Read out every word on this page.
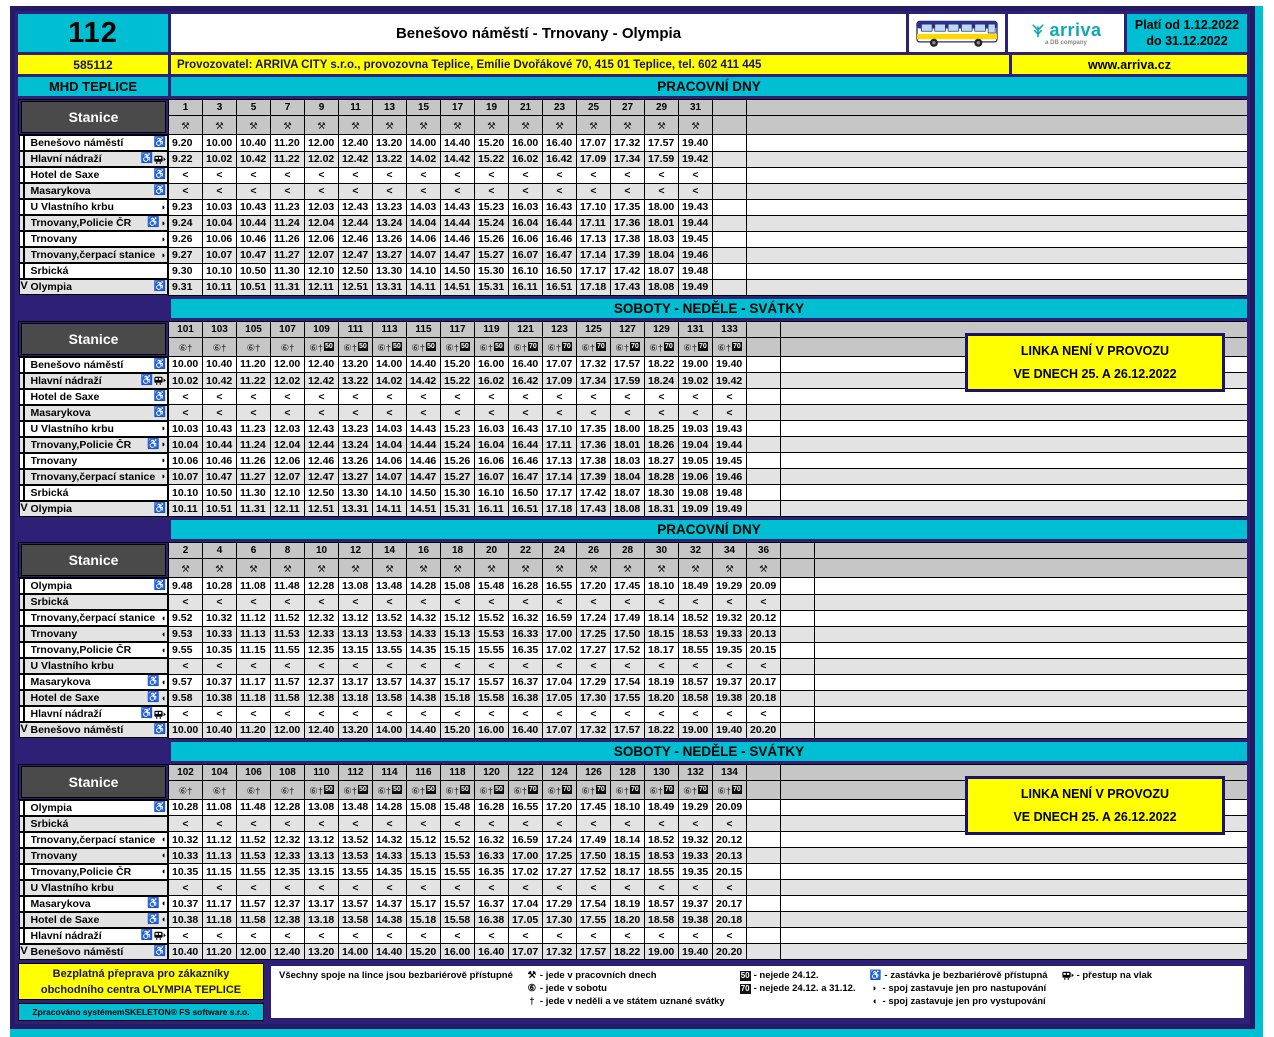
112	Benešovo náměstí - Trnovany - Olympia	arriva
a DB company
Platí od 1.12.2022
do 31.12.2022
585112	Provozovatel: ARRIVA CITY s.r.o., provozovna Teplice, Emílie Dvořákové 70, 415 01 Teplice, tel. 602 411 445	www.arriva.cz
MHD TEPLICE	PRACOVNÍ DNY
Stanice	1	3	5	7	9	11	13	15	17	19	21	23	25	27	29	31		
	⚒	⚒	⚒	⚒	⚒	⚒	⚒	⚒	⚒	⚒	⚒	⚒	⚒	⚒	⚒	⚒		

Benešovo náměstí	♿ 9.20	10.00	10.40	11.20	12.00	12.40	13.20	14.00	14.40	15.20	16.00	16.40	17.07	17.32	17.57	19.40		

Hlavní nádraží	♿ 9.22	10.02	10.42	11.22	12.02	12.42	13.22	14.02	14.42	15.22	16.02	16.42	17.09	17.34	17.59	19.42		

Hotel de Saxe	♿ <	<	<	<	<	<	<	<	<	<	<	<	<	<	<	<		

Masarykova	♿ <	<	<	<	<	<	<	<	<	<	<	<	<	<	<	<		

U Vlastního krbu	◗ 9.23	10.03	10.43	11.23	12.03	12.43	13.23	14.03	14.43	15.23	16.03	16.43	17.10	17.35	18.00	19.43		

Trnovany,Policie ČR	♿ ◗ 9.24	10.04	10.44	11.24	12.04	12.44	13.24	14.04	14.44	15.24	16.04	16.44	17.11	17.36	18.01	19.44		

Trnovany	◗ 9.26	10.06	10.46	11.26	12.06	12.46	13.26	14.06	14.46	15.26	16.06	16.46	17.13	17.38	18.03	19.45		

Trnovany,čerpací stanice ◗ 9.27	10.07	10.47	11.27	12.07	12.47	13.27	14.07	14.47	15.27	16.07	16.47	17.14	17.39	18.04	19.46		

Srbická	9.30	10.10	10.50	11.30	12.10	12.50	13.30	14.10	14.50	15.30	16.10	16.50	17.17	17.42	18.07	19.48		

V Olympia	♿ 9.31	10.11	10.51	11.31	12.11	12.51	13.31	14.11	14.51	15.31	16.11	16.51	17.18	17.43	18.08	19.49		
SOBOTY - NEDĚLE - SVÁTKY
Stanice	101	103	105	107	109	111	113	115	117	119	121	123	125	127	129	131	133		
	⑥†	⑥†	⑥†	⑥†	⑥† 50	⑥† 50	⑥† 50	⑥† 50	⑥† 50	⑥† 50	⑥† 70	⑥† 70	⑥† 70	⑥† 70	⑥† 70	⑥† 70	⑥† 70		

Benešovo náměstí	♿ 10.00	10.40	11.20	12.00	12.40	13.20	14.00	14.40	15.20	16.00	16.40	17.07	17.32	17.57	18.22	19.00	19.40		

Hlavní nádraží	♿ 10.02	10.42	11.22	12.02	12.42	13.22	14.02	14.42	15.22	16.02	16.42	17.09	17.34	17.59	18.24	19.02	19.42		

Hotel de Saxe	♿ <	<	<	<	<	<	<	<	<	<	<	<	<	<	<	<	<		

Masarykova	♿ <	<	<	<	<	<	<	<	<	<	<	<	<	<	<	<	<		

U Vlastního krbu	◗ 10.03	10.43	11.23	12.03	12.43	13.23	14.03	14.43	15.23	16.03	16.43	17.10	17.35	18.00	18.25	19.03	19.43		

Trnovany,Policie ČR	♿ ◗ 10.04	10.44	11.24	12.04	12.44	13.24	14.04	14.44	15.24	16.04	16.44	17.11	17.36	18.01	18.26	19.04	19.44		

Trnovany	◗ 10.06	10.46	11.26	12.06	12.46	13.26	14.06	14.46	15.26	16.06	16.46	17.13	17.38	18.03	18.27	19.05	19.45		

Trnovany,čerpací stanice ◗ 10.07	10.47	11.27	12.07	12.47	13.27	14.07	14.47	15.27	16.07	16.47	17.14	17.39	18.04	18.28	19.06	19.46		

Srbická	10.10	10.50	11.30	12.10	12.50	13.30	14.10	14.50	15.30	16.10	16.50	17.17	17.42	18.07	18.30	19.08	19.48		

V Olympia	♿ 10.11	10.51	11.31	12.11	12.51	13.31	14.11	14.51	15.31	16.11	16.51	17.18	17.43	18.08	18.31	19.09	19.49		
LINKA NENÍ V PROVOZU
VE DNECH 25. A 26.12.2022
PRACOVNÍ DNY
Stanice	2	4	6	8	10	12	14	16	18	20	22	24	26	28	30	32	34	36		
	⚒	⚒	⚒	⚒	⚒	⚒	⚒	⚒	⚒	⚒	⚒	⚒	⚒	⚒	⚒	⚒	⚒	⚒		

Olympia	♿ 9.48	10.28	11.08	11.48	12.28	13.08	13.48	14.28	15.08	15.48	16.28	16.55	17.20	17.45	18.10	18.49	19.29	20.09		

Srbická	<	<	<	<	<	<	<	<	<	<	<	<	<	<	<	<	<	<		

Trnovany,čerpací stanice ◖ 9.52	10.32	11.12	11.52	12.32	13.12	13.52	14.32	15.12	15.52	16.32	16.59	17.24	17.49	18.14	18.52	19.32	20.12		

Trnovany	◖ 9.53	10.33	11.13	11.53	12.33	13.13	13.53	14.33	15.13	15.53	16.33	17.00	17.25	17.50	18.15	18.53	19.33	20.13		

Trnovany,Policie ČR	◖ 9.55	10.35	11.15	11.55	12.35	13.15	13.55	14.35	15.15	15.55	16.35	17.02	17.27	17.52	18.17	18.55	19.35	20.15		

U Vlastního krbu	<	<	<	<	<	<	<	<	<	<	<	<	<	<	<	<	<	<		

Masarykova	♿ ◖ 9.57	10.37	11.17	11.57	12.37	13.17	13.57	14.37	15.17	15.57	16.37	17.04	17.29	17.54	18.19	18.57	19.37	20.17		

Hotel de Saxe	♿ ◖ 9.58	10.38	11.18	11.58	12.38	13.18	13.58	14.38	15.18	15.58	16.38	17.05	17.30	17.55	18.20	18.58	19.38	20.18		

Hlavní nádraží	♿	<	<	<	<	<	<	<	<	<	<	<	<	<	<	<	<	<	<		

V Benešovo náměstí	♿ 10.00	10.40	11.20	12.00	12.40	13.20	14.00	14.40	15.20	16.00	16.40	17.07	17.32	17.57	18.22	19.00	19.40	20.20		
SOBOTY - NEDĚLE - SVÁTKY
Stanice	102	104	106	108	110	112	114	116	118	120	122	124	126	128	130	132	134		
	⑥†	⑥†	⑥†	⑥†	⑥† 50	⑥† 50	⑥† 50	⑥† 50	⑥† 50	⑥† 50	⑥† 70	⑥† 70	⑥† 70	⑥† 70	⑥† 70	⑥† 70	⑥† 70		

Olympia	♿ 10.28	11.08	11.48	12.28	13.08	13.48	14.28	15.08	15.48	16.28	16.55	17.20	17.45	18.10	18.49	19.29	20.09		

Srbická	<	<	<	<	<	<	<	<	<	<	<	<	<	<	<	<	<		

Trnovany,čerpací stanice ◖ 10.32	11.12	11.52	12.32	13.12	13.52	14.32	15.12	15.52	16.32	16.59	17.24	17.49	18.14	18.52	19.32	20.12		

Trnovany	◖ 10.33	11.13	11.53	12.33	13.13	13.53	14.33	15.13	15.53	16.33	17.00	17.25	17.50	18.15	18.53	19.33	20.13		

Trnovany,Policie ČR	◖ 10.35	11.15	11.55	12.35	13.15	13.55	14.35	15.15	15.55	16.35	17.02	17.27	17.52	18.17	18.55	19.35	20.15		

U Vlastního krbu	<	<	<	<	<	<	<	<	<	<	<	<	<	<	<	<	<		

Masarykova	♿ ◖ 10.37	11.17	11.57	12.37	13.17	13.57	14.37	15.17	15.57	16.37	17.04	17.29	17.54	18.19	18.57	19.37	20.17		

Hotel de Saxe	♿ ◖ 10.38	11.18	11.58	12.38	13.18	13.58	14.38	15.18	15.58	16.38	17.05	17.30	17.55	18.20	18.58	19.38	20.18		

Hlavní nádraží	♿	<	<	<	<	<	<	<	<	<	<	<	<	<	<	<	<	<		

V Benešovo náměstí	♿ 10.40	11.20	12.00	12.40	13.20	14.00	14.40	15.20	16.00	16.40	17.07	17.32	17.57	18.22	19.00	19.40	20.20		
LINKA NENÍ V PROVOZU
VE DNECH 25. A 26.12.2022
Bezplatná přeprava pro zákazníky
obchodního centra OLYMPIA TEPLICE
Zpracováno systémemSKELETON® FS software s.r.o.
Všechny spoje na lince jsou bezbariérově přístupné ⚒ - jede v pracovních dnech
⑥ - jede v sobotu
† - jede v neděli a ve státem uznané svátky
50 - nejede 24.12.
70 - nejede 24.12. a 31.12.
♿ - zastávka je bezbariérově přístupná
◗ - spoj zastavuje jen pro nastupování
◖ - spoj zastavuje jen pro vystupování
- přestup na vlak
